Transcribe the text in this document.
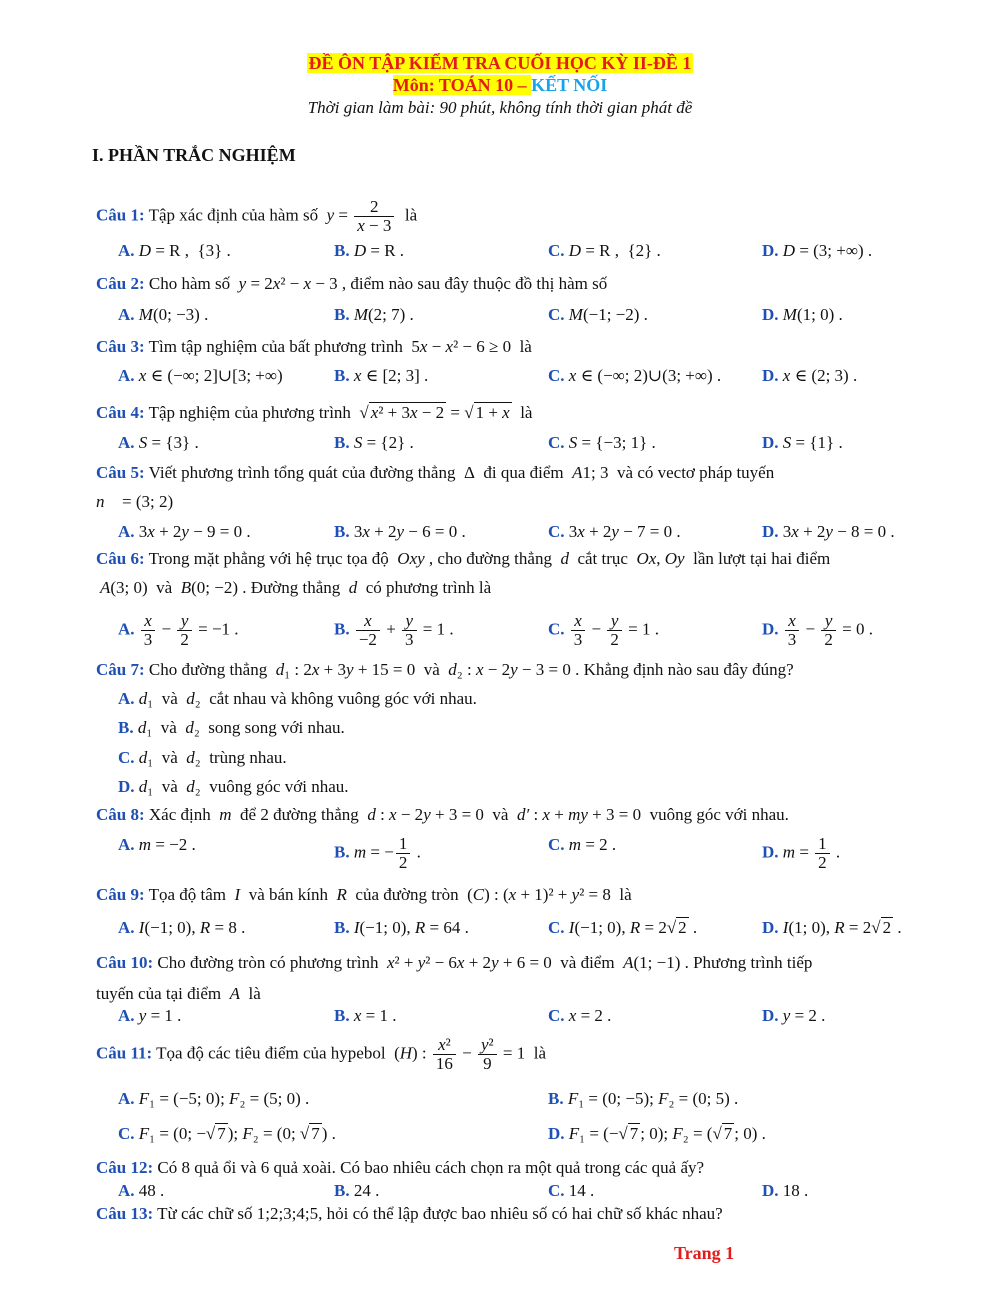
ĐỀ ÔN TẬP KIỂM TRA CUỐI HỌC KỲ II-ĐỀ 1
Môn: TOÁN 10 – KẾT NỐI
Thời gian làm bài: 90 phút, không tính thời gian phát đề
I. PHẦN TRẮC NGHIỆM
Câu 1: Tập xác định của hàm số  $y = \frac{2}{x - 3}$ là
A. D = R ,  {3} .	B. D = R .	C. D = R ,  {2} .	D. D = (3; +∞) .
Câu 2: Cho hàm số  y = 2x² − x − 3 , điểm nào sau đây thuộc đồ thị hàm số
A. M(0; −3) .	B. M(2; 7) .	C. M(−1; −2) .	D. M(1; 0) .
Câu 3: Tìm tập nghiệm của bất phương trình  5x − x² − 6 ≥ 0  là
A. x ∈ (−∞; 2]∪[3; +∞)	B. x ∈ [2; 3] .	C. x ∈ (−∞; 2)∪(3; +∞) . D. x ∈ (2; 3) .
Câu 4: Tập nghiệm của phương trình  √ x² + 3x − 2 = √ 1 + x  là
A. S = {3} .	B. S = {2} .	C. S = {−3; 1} .	D. S = {1} .
Câu 5: Viết phương trình tổng quát của đường thẳng  Δ  đi qua điểm  A1; 3  và có vectơ pháp tuyến
n⃗ = (3; 2)
A. 3x + 2y − 9 = 0 .	B. 3x + 2y − 6 = 0 .	C. 3x + 2y − 7 = 0 .	D. 3x + 2y − 8 = 0 .
Câu 6: Trong mặt phẳng với hệ trục tọa độ  Oxy , cho đường thẳng  d  cắt trục  Ox, Oy  lần lượt tại hai điểm
A(3; 0)  và  B(0; −2) . Đường thẳng  d  có phương trình là
A. $\frac{x}{3} - \frac{y}{2} = -1$ .	B. $\frac{x}{-2} + \frac{y}{3} = 1$ .	C. $\frac{x}{3} - \frac{y}{2} = 1$ .	D. $\frac{x}{3} - \frac{y}{2} = 0$ .
Câu 7: Cho đường thẳng  d₁ : 2x + 3y + 15 = 0  và  d₂ : x − 2y − 3 = 0 . Khẳng định nào sau đây đúng?
A. d₁  và  d₂  cắt nhau và không vuông góc với nhau.
B. d₁  và  d₂  song song với nhau.
C. d₁  và  d₂  trùng nhau.
D. d₁  và  d₂  vuông góc với nhau.
Câu 8: Xác định  m  để 2 đường thẳng  d : x − 2y + 3 = 0  và  d′ : x + my + 3 = 0  vuông góc với nhau.
A. m = −2 .	B. m = − $\frac{1}{2}$ .	C. m = 2 .	D. $m = \frac{1}{2}$ .
Câu 9: Tọa độ tâm  I  và bán kính  R  của đường tròn  (C) : (x + 1)² + y² = 8  là
A. I(−1; 0), R = 8 .	B. I(−1; 0), R = 64 .	C. I(−1; 0), R = 2√ 2 .	D. I(1; 0), R = 2√ 2 .
Câu 10: Cho đường tròn có phương trình  x² + y² − 6x + 2y + 6 = 0  và điểm  A(1; −1) . Phương trình tiếp
tuyến của tại điểm  A  là
A. y = 1 .	B. x = 1 .	C. x = 2 .	D. y = 2 .
Câu 11: Tọa độ các tiêu điểm của hypebol  (H) : $\frac{\text{x²}}{16} - \frac{\text{y²}}{9} = 1$  là
A. F₁ = (−5; 0); F₂ = (5; 0) .	B. F₁ = (0; −5); F₂ = (0; 5) .
C. F₁ = (0; −√ 7 ); F₂ = (0; √ 7 ) .	D. F₁ = (−√ 7 ; 0); F₂ = (√ 7 ; 0) .
Câu 12: Có 8 quả ổi và 6 quả xoài. Có bao nhiêu cách chọn ra một quả trong các quả ấy?
A. 48 .	B. 24 .	C. 14 .	D. 18 .
Câu 13: Từ các chữ số 1;2;3;4;5, hỏi có thể lập được bao nhiêu số có hai chữ số khác nhau?
Trang 1
